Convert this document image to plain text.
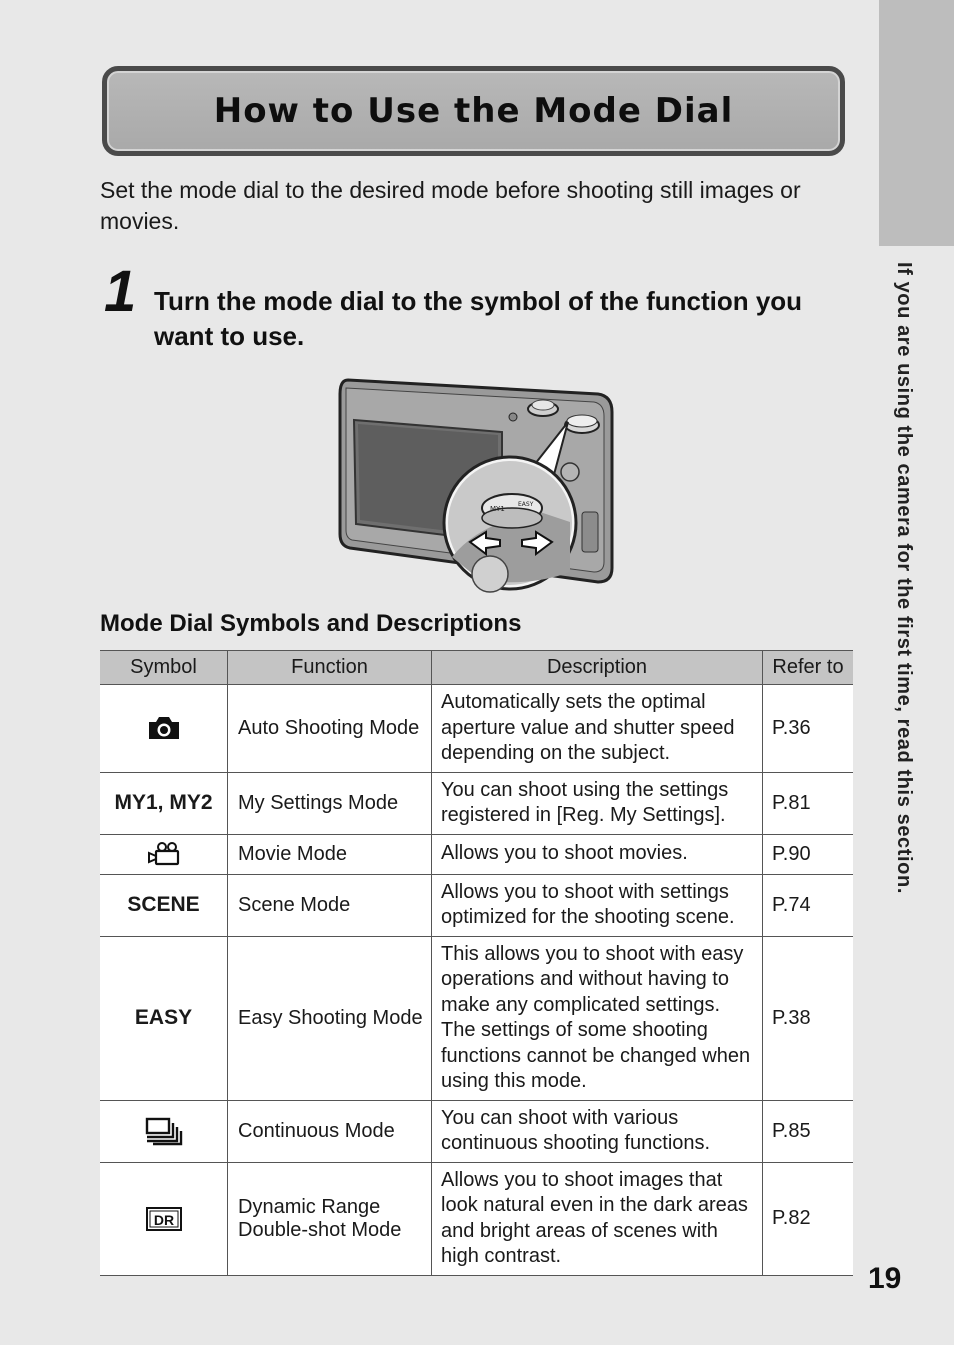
If you are using the camera for the first time, read this section.
How to Use the Mode Dial
Set the mode dial to the desired mode before shooting still images or movies.
1 Turn the mode dial to the symbol of the function you want to use.
MY1
EASY
Mode Dial Symbols and Descriptions
Symbol	Function	Description	Refer to

	Auto Shooting Mode	Automatically sets the optimal aperture value and shutter speed depending on the subject.	P.36
MY1, MY2	My Settings Mode	You can shoot using the settings registered in [Reg. My Settings].	P.81

	Movie Mode	Allows you to shoot movies.	P.90
SCENE	Scene Mode	Allows you to shoot with settings optimized for the shooting scene.	P.74
EASY	Easy Shooting Mode	This allows you to shoot with easy operations and without having to make any complicated settings. The settings of some shooting functions cannot be changed when using this mode.	P.38

	Continuous Mode	You can shoot with various continuous shooting functions.	P.85

DR	Dynamic Range Double-shot Mode	Allows you to shoot images that look natural even in the dark areas and bright areas of scenes with high contrast.	P.82
19
